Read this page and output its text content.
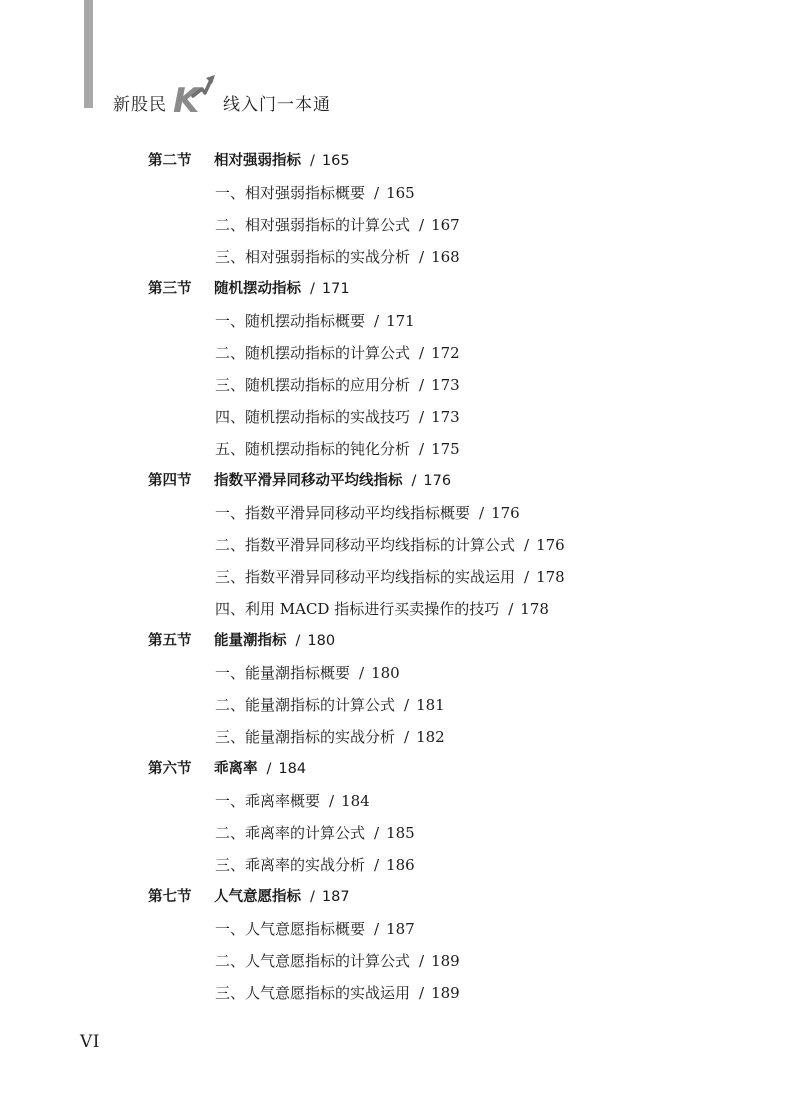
新股民 K 线入门一本通
第二节 相对强弱指标 / 165
一、相对强弱指标概要 / 165
二、相对强弱指标的计算公式 / 167
三、相对强弱指标的实战分析 / 168
第三节 随机摆动指标 / 171
一、随机摆动指标概要 / 171
二、随机摆动指标的计算公式 / 172
三、随机摆动指标的应用分析 / 173
四、随机摆动指标的实战技巧 / 173
五、随机摆动指标的钝化分析 / 175
第四节 指数平滑异同移动平均线指标 / 176
一、指数平滑异同移动平均线指标概要 / 176
二、指数平滑异同移动平均线指标的计算公式 / 176
三、指数平滑异同移动平均线指标的实战运用 / 178
四、利用 MACD 指标进行买卖操作的技巧 / 178
第五节 能量潮指标 / 180
一、能量潮指标概要 / 180
二、能量潮指标的计算公式 / 181
三、能量潮指标的实战分析 / 182
第六节 乖离率 / 184
一、乖离率概要 / 184
二、乖离率的计算公式 / 185
三、乖离率的实战分析 / 186
第七节 人气意愿指标 / 187
一、人气意愿指标概要 / 187
二、人气意愿指标的计算公式 / 189
三、人气意愿指标的实战运用 / 189
VI
